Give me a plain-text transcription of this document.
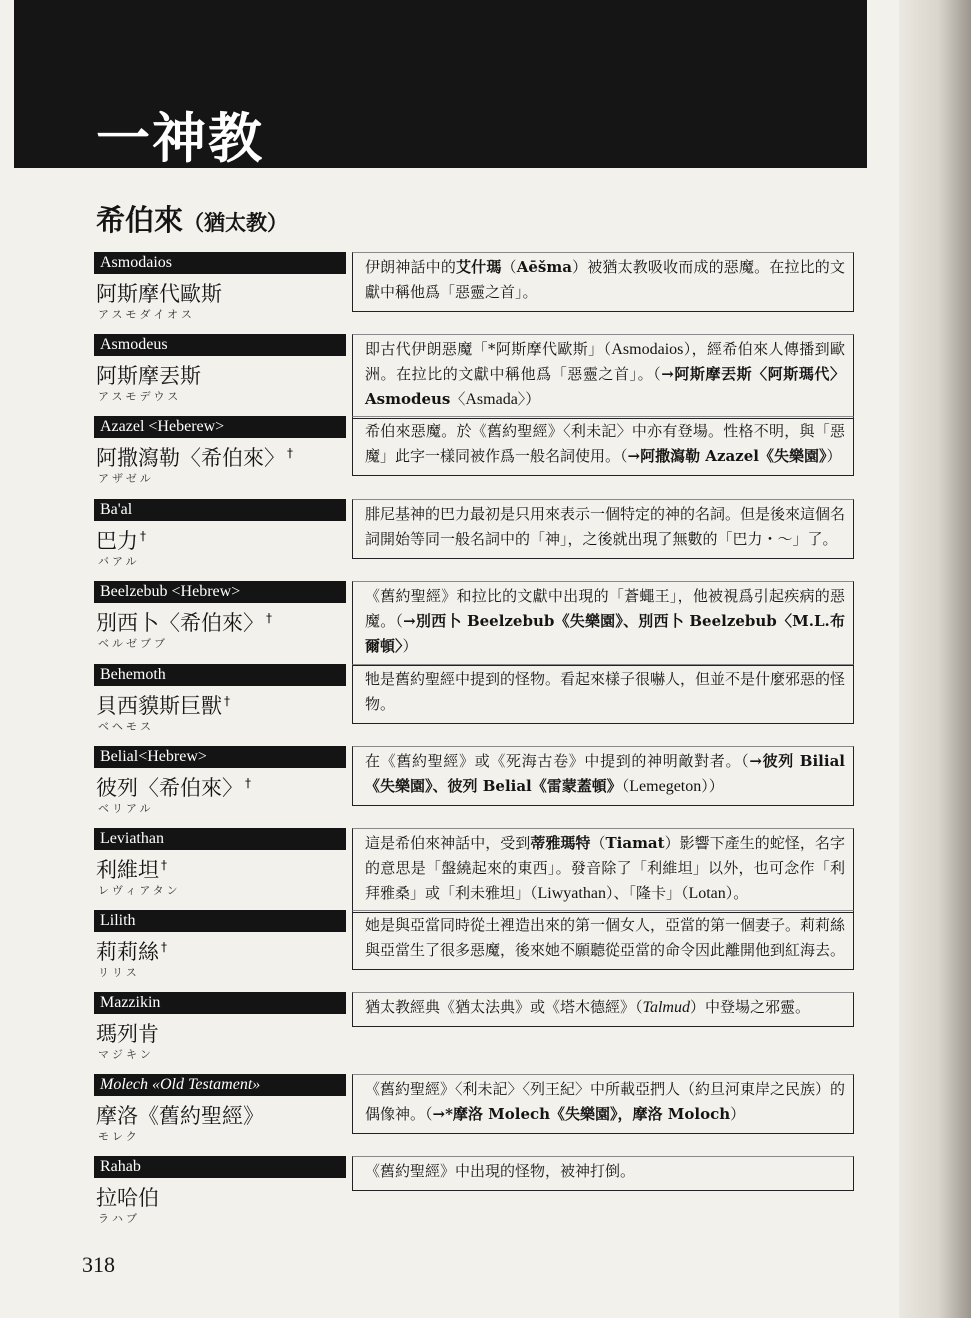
一神教
希伯來（猶太教）
Asmodaios
阿斯摩代歐斯
アスモダイオス
伊朗神話中的艾什瑪（Aēšma）被猶太教吸收而成的惡魔。在拉比的文獻中稱他爲「惡靈之首」。
Asmodeus
阿斯摩丟斯
アスモデウス
即古代伊朗惡魔「*阿斯摩代歐斯」（Asmodaios），經希伯來人傳播到歐洲。在拉比的文獻中稱他爲「惡靈之首」。（→阿斯摩丟斯〈阿斯瑪代〉Asmodeus〈Asmada〉）
Azazel <Heberew>
阿撒瀉勒〈希伯來〉 †
アザゼル
希伯來惡魔。於《舊約聖經》〈利未記〉中亦有登場。性格不明，與「惡魔」此字一樣同被作爲一般名詞使用。（→阿撒瀉勒 Azazel《失樂園》）
Ba'al
巴力 †
バアル
腓尼基神的巴力最初是只用來表示一個特定的神的名詞。但是後來這個名詞開始等同一般名詞中的「神」，之後就出現了無數的「巴力・～」了。
Beelzebub <Hebrew>
別西卜〈希伯來〉 †
ベルゼブブ
《舊約聖經》和拉比的文獻中出現的「蒼蠅王」，他被視爲引起疾病的惡魔。（→別西卜 Beelzebub《失樂園》、別西卜 Beelzebub〈M.L.布爾頓〉）
Behemoth
貝西貘斯巨獸 †
ベヘモス
牠是舊約聖經中提到的怪物。看起來樣子很嚇人，但並不是什麼邪惡的怪物。
Belial<Hebrew>
彼列〈希伯來〉 †
ベリアル
在《舊約聖經》或《死海古卷》中提到的神明敵對者。（→彼列 Bilial《失樂園》、彼列 Belial《雷蒙蓋頓》（Lemegeton））
Leviathan
利維坦 †
レヴィアタン
這是希伯來神話中，受到蒂雅瑪特（Tiamat）影響下產生的蛇怪，名字的意思是「盤繞起來的東西」。發音除了「利維坦」以外，也可念作「利拜雅桑」或「利未雅坦」（Liwyathan）、「隆卡」（Lotan）。
Lilith
莉莉絲 †
リリス
她是與亞當同時從土裡造出來的第一個女人，亞當的第一個妻子。莉莉絲與亞當生了很多惡魔，後來她不願聽從亞當的命令因此離開他到紅海去。
Mazzikin
瑪列肯
マジキン
猶太教經典《猶太法典》或《塔木德經》（Talmud）中登場之邪靈。
Molech «Old Testament»
摩洛《舊約聖經》
モレク
《舊約聖經》〈利未記〉〈列王紀〉中所載亞捫人（約旦河東岸之民族）的偶像神。（→*摩洛 Molech《失樂園》，摩洛 Moloch）
Rahab
拉哈伯
ラハブ
《舊約聖經》中出現的怪物，被神打倒。
318
